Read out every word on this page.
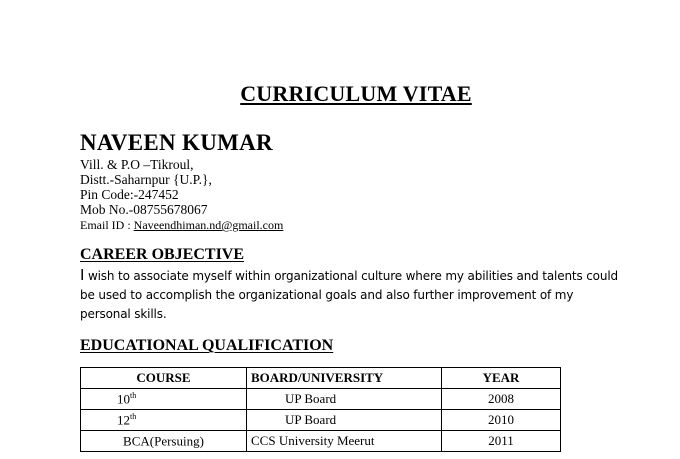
CURRICULUM VITAE
NAVEEN KUMAR
Vill. & P.O –Tikroul,
Distt.-Saharnpur {U.P.},
Pin Code:-247452
Mob No.-08755678067
Email ID : Naveendhiman.nd@gmail.com
CAREER OBJECTIVE
I wish to associate myself within organizational culture where my abilities and talents could be used to accomplish the organizational goals and also further improvement of my personal skills.
EDUCATIONAL QUALIFICATION
COURSE	BOARD/UNIVERSITY	YEAR
10th	UP Board	2008
12th	UP Board	2010
BCA(Persuing)	CCS University Meerut	2011
